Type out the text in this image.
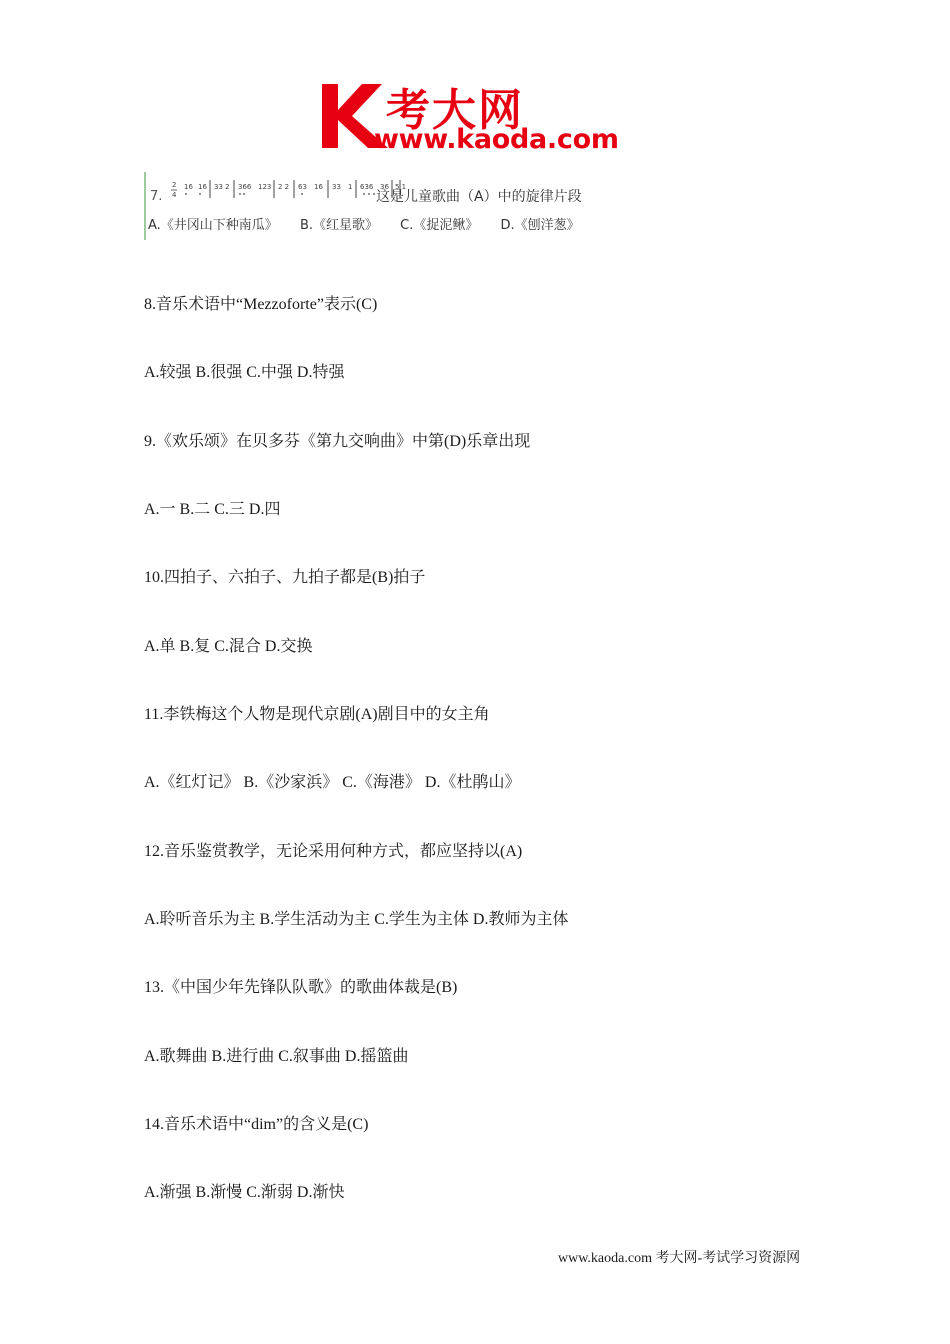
考大网
www.kaoda.com
7.
2
4
16 16 33 2 366 123 2 2 63 16 33 1 636 36 5 1
这是儿童歌曲（A）中的旋律片段
A.《井冈山下种南瓜》 B.《红星歌》 C.《捉泥鳅》 D.《刨洋葱》
8.音乐术语中“Mezzoforte”表示(C)
A.较强 B.很强 C.中强 D.特强
9.《欢乐颂》在贝多芬《第九交响曲》中第(D)乐章出现
A.一 B.二 C.三 D.四
10.四拍子、六拍子、九拍子都是(B)拍子
A.单 B.复 C.混合 D.交换
11.李铁梅这个人物是现代京剧(A)剧目中的女主角
A.《红灯记》 B.《沙家浜》 C.《海港》 D.《杜鹃山》
12.音乐鉴赏教学，无论采用何种方式，都应坚持以(A)
A.聆听音乐为主 B.学生活动为主 C.学生为主体 D.教师为主体
13.《中国少年先锋队队歌》的歌曲体裁是(B)
A.歌舞曲 B.进行曲 C.叙事曲 D.摇篮曲
14.音乐术语中“dim”的含义是(C)
A.渐强 B.渐慢 C.渐弱 D.渐快
www.kaoda.com 考大网-考试学习资源网
